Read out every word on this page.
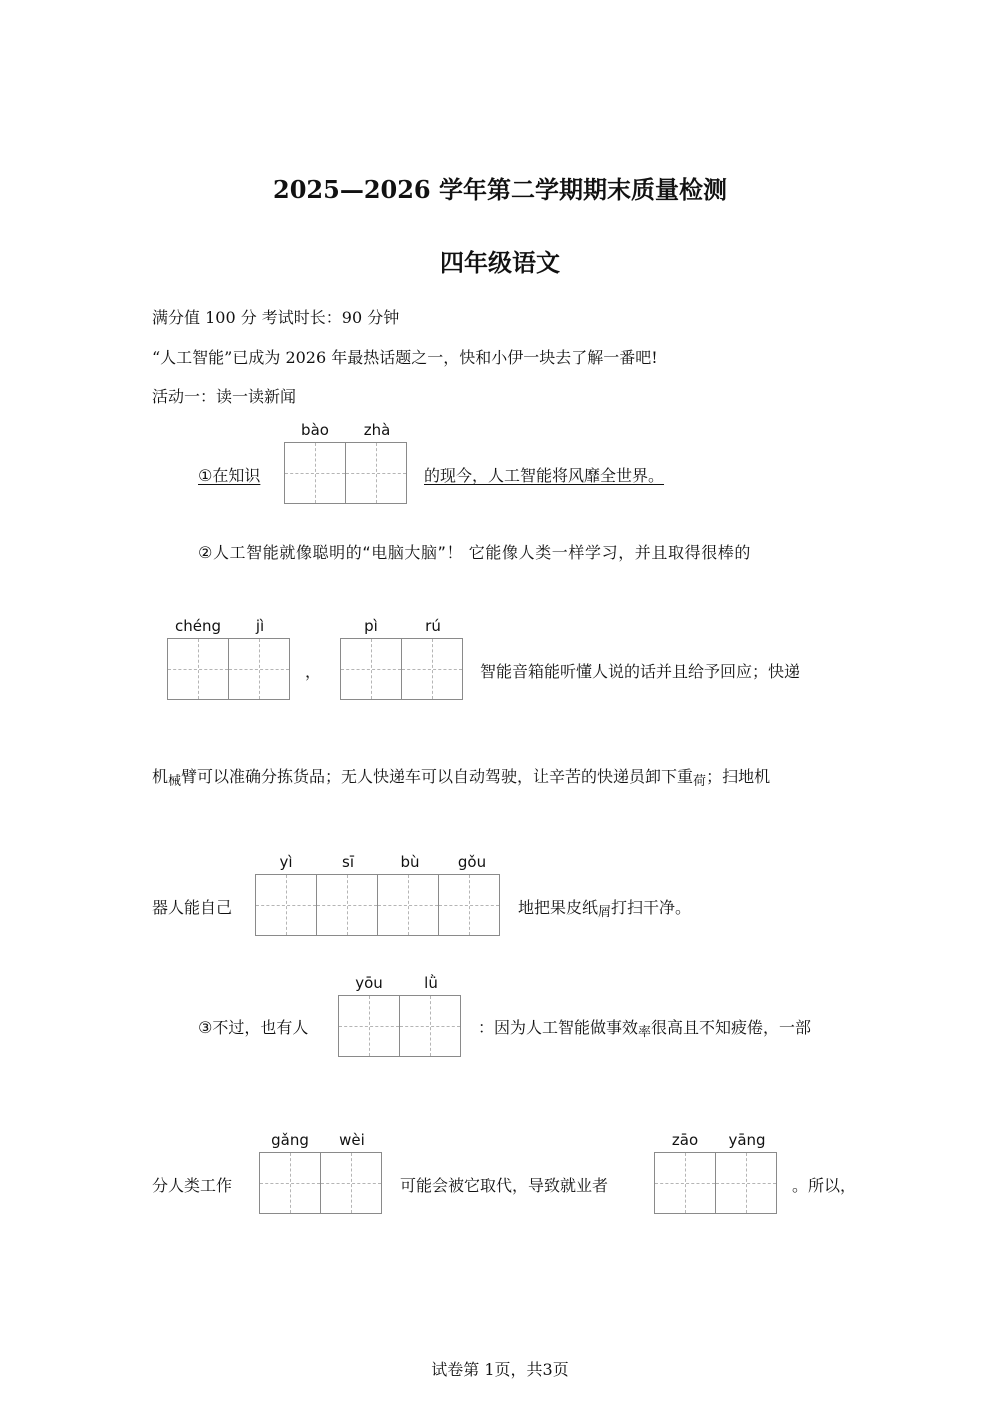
2025—2026 学年第二学期期末质量检测
四年级语文
满分值 100 分 考试时长：90 分钟
“人工智能”已成为 2026 年最热话题之一，快和小伊一块去了解一番吧!
活动一：读一读新闻
①在知识
bào	zhà
的现今，人工智能将风靡全世界。
②人工智能就像聪明的“电脑大脑”！ 它能像人类一样学习，并且取得很棒的
chéng	jì
，
pì	rú
智能音箱能听懂人说的话并且给予回应；快递
机械臂可以准确分拣货品；无人快递车可以自动驾驶，让辛苦的快递员卸下重荷；扫地机
器人能自己
yì	sī	bù	gǒu
地把果皮纸屑打扫干净。
③不过，也有人
yōu	lǜ
：因为人工智能做事效率很高且不知疲倦，一部
分人类工作
gǎng	wèi
可能会被它取代，导致就业者
zāo	yāng
。所以，
试卷第 1页，共3页
